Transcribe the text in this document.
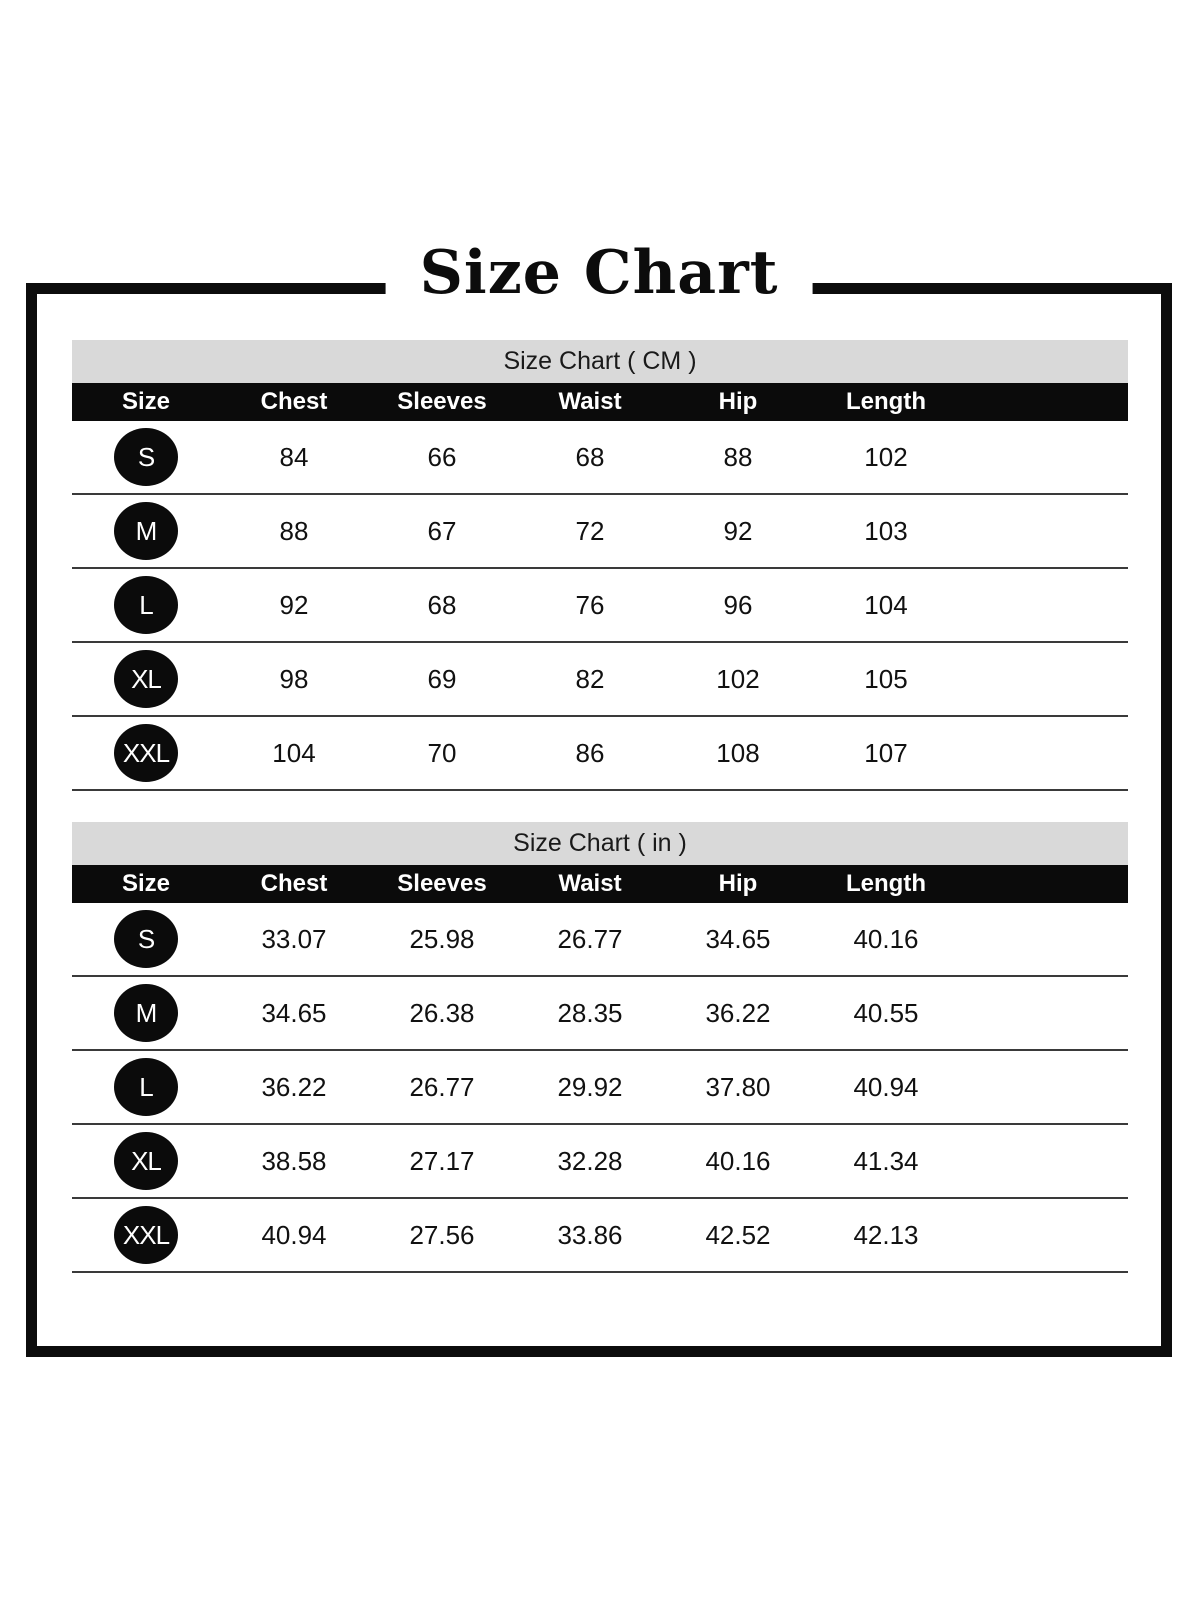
Size Chart
Size Chart ( CM )
Size	Chest	Sleeves	Waist	Hip	Length
S	84	66	68	88	102
M	88	67	72	92	103
L	92	68	76	96	104
XL	98	69	82	102	105
XXL	104	70	86	108	107
Size Chart ( in )
Size	Chest	Sleeves	Waist	Hip	Length
S	33.07	25.98	26.77	34.65	40.16
M	34.65	26.38	28.35	36.22	40.55
L	36.22	26.77	29.92	37.80	40.94
XL	38.58	27.17	32.28	40.16	41.34
XXL	40.94	27.56	33.86	42.52	42.13
